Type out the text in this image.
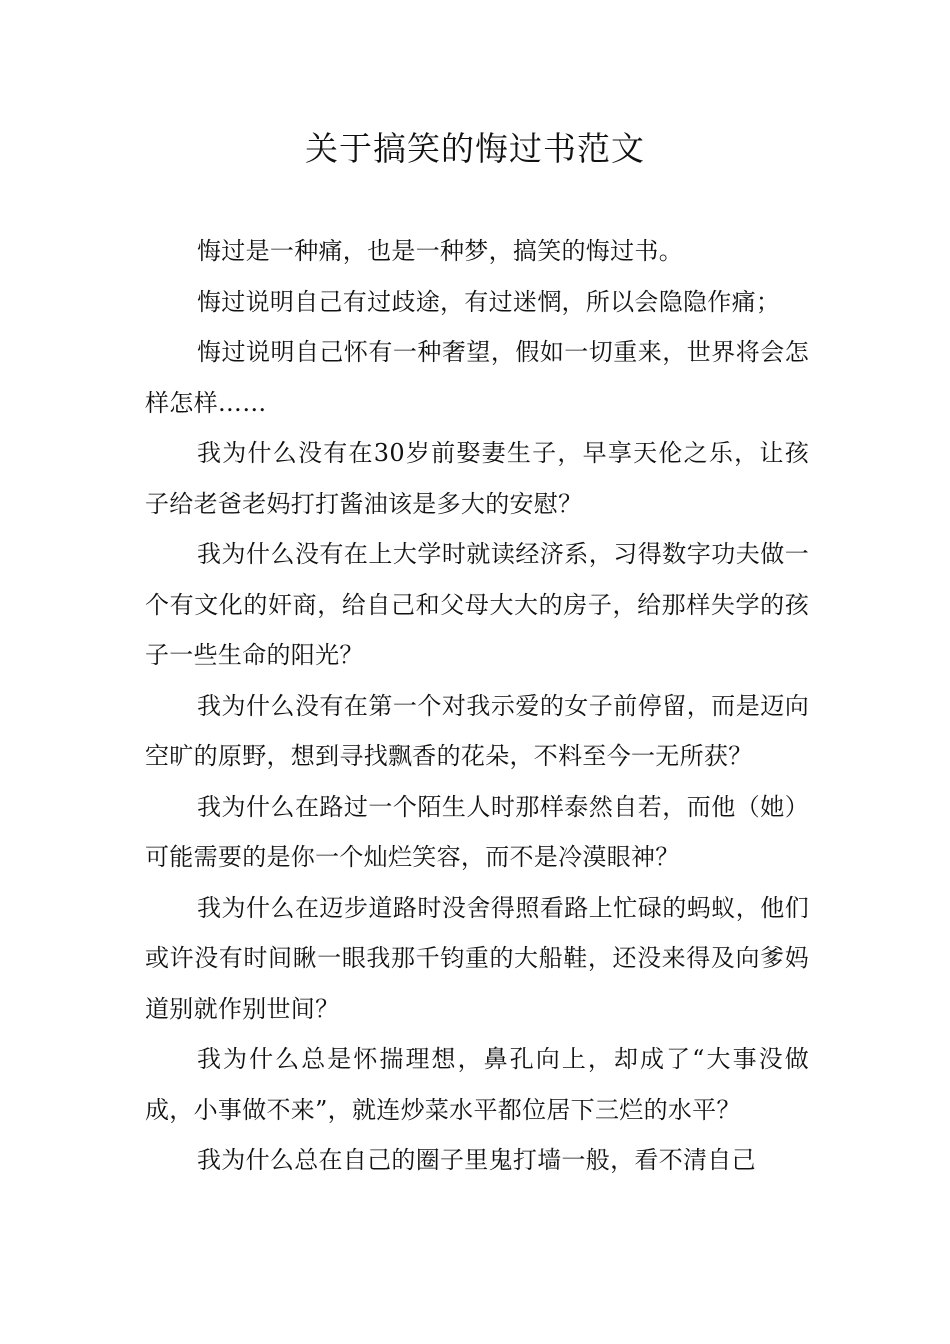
关于搞笑的悔过书范文

悔过是一种痛，也是一种梦，搞笑的悔过书。

悔过说明自己有过歧途，有过迷惘，所以会隐隐作痛；

悔过说明自己怀有一种奢望，假如一切重来，世界将会怎样怎样……

我为什么没有在30岁前娶妻生子，早享天伦之乐，让孩子给老爸老妈打打酱油该是多大的安慰？

我为什么没有在上大学时就读经济系，习得数字功夫做一个有文化的奸商，给自己和父母大大的房子，给那样失学的孩子一些生命的阳光？

我为什么没有在第一个对我示爱的女子前停留，而是迈向空旷的原野，想到寻找飘香的花朵，不料至今一无所获？

我为什么在路过一个陌生人时那样泰然自若，而他（她）可能需要的是你一个灿烂笑容，而不是冷漠眼神？

我为什么在迈步道路时没舍得照看路上忙碌的蚂蚁，他们或许没有时间瞅一眼我那千钧重的大船鞋，还没来得及向爹妈道别就作别世间？

我为什么总是怀揣理想，鼻孔向上，却成了“大事没做成，小事做不来”，就连炒菜水平都位居下三烂的水平？

我为什么总在自己的圈子里鬼打墙一般，看不清自己
